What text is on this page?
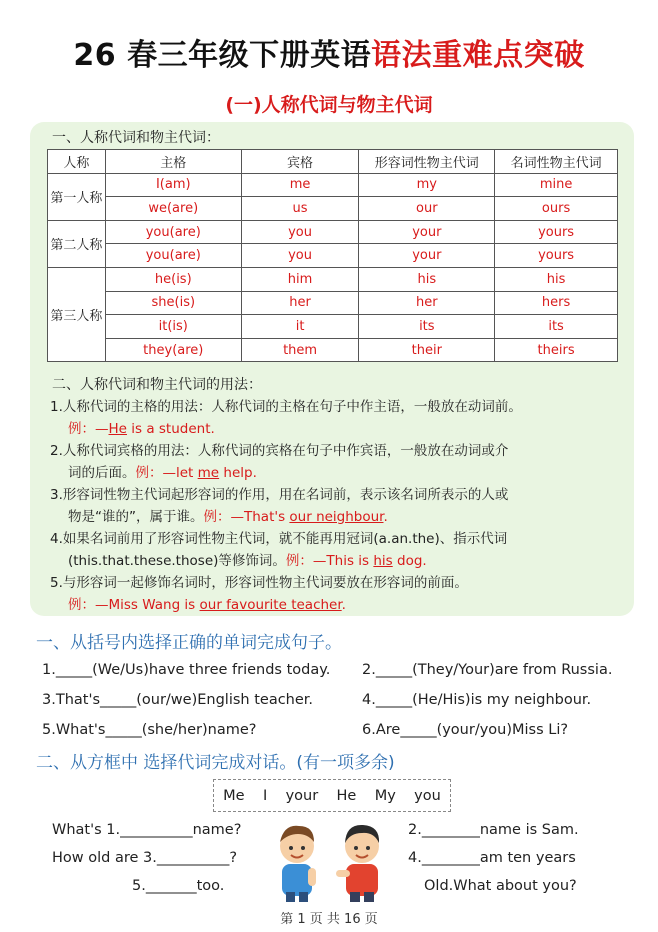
26 春三年级下册英语语法重难点突破
(一)人称代词与物主代词
一、人称代词和物主代词：
人称	主格	宾格	形容词性物主代词	名词性物主代词
第一人称	I(am)	me	my	mine
	we(are)	us	our	ours
第二人称	you(are)	you	your	yours
	you(are)	you	your	yours
第三人称	he(is)	him	his	his
	she(is)	her	her	hers
	it(is)	it	its	its
	they(are)	them	their	theirs
二、人称代词和物主代词的用法：
1.人称代词的主格的用法：人称代词的主格在句子中作主语，一般放在动词前。
例：—He is a student.
2.人称代词宾格的用法：人称代词的宾格在句子中作宾语，一般放在动词或介
词的后面。例：—let me help.
3.形容词性物主代词起形容词的作用，用在名词前，表示该名词所表示的人或
物是“谁的”，属于谁。例：—That's our neighbour.
4.如果名词前用了形容词性物主代词，就不能再用冠词(a.an.the)、指示代词
(this.that.these.those)等修饰词。例：—This is his dog.
5.与形容词一起修饰名词时，形容词性物主代词要放在形容词的前面。
例：—Miss Wang is our favourite teacher.
一、从括号内选择正确的单词完成句子。
1._____(We/Us)have three friends today. 2._____(They/Your)are from Russia.
3.That's_____(our/we)English teacher.	4._____(He/His)is my neighbour.
5.What's_____(she/her)name?	6.Are_____(your/you)Miss Li?
二、从方框中 选择代词完成对话。(有一项多余)
Me I your He My you
What's 1.__________name?
How old are 3.__________?
5._______too.
2.________name is Sam.
4.________am ten years
Old.What about you?
第 1 页 共 16 页
